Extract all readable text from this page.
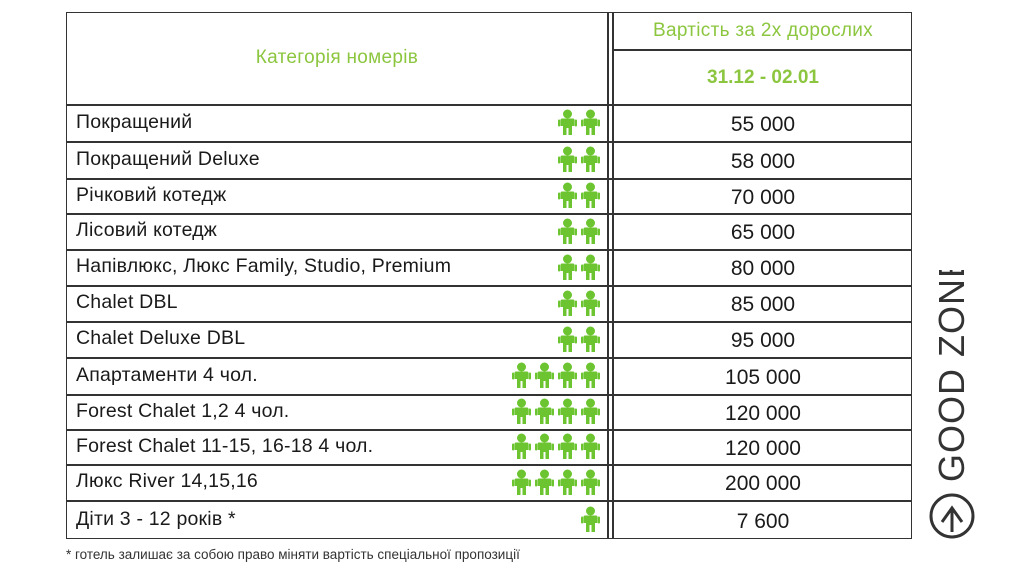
Категорія номерів
Вартість за 2х дорослих
31.12 - 02.01
Покращений	55 000
Покращений Deluxe	58 000
Річковий котедж	70 000
Лісовий котедж	65 000
Напівлюкс, Люкс Family, Studio, Premium	80 000
Chalet DBL	85 000
Chalet Deluxe DBL	95 000
Апартаменти 4 чол.	105 000
Forest Chalet 1,2 4 чол.	120 000
Forest Chalet 11-15, 16-18 4 чол.	120 000
Люкс River 14,15,16	200 000
Діти 3 - 12 років *	7 600
* готель залишає за собою право міняти вартість спеціальної пропозиції
GOOD ZONE
